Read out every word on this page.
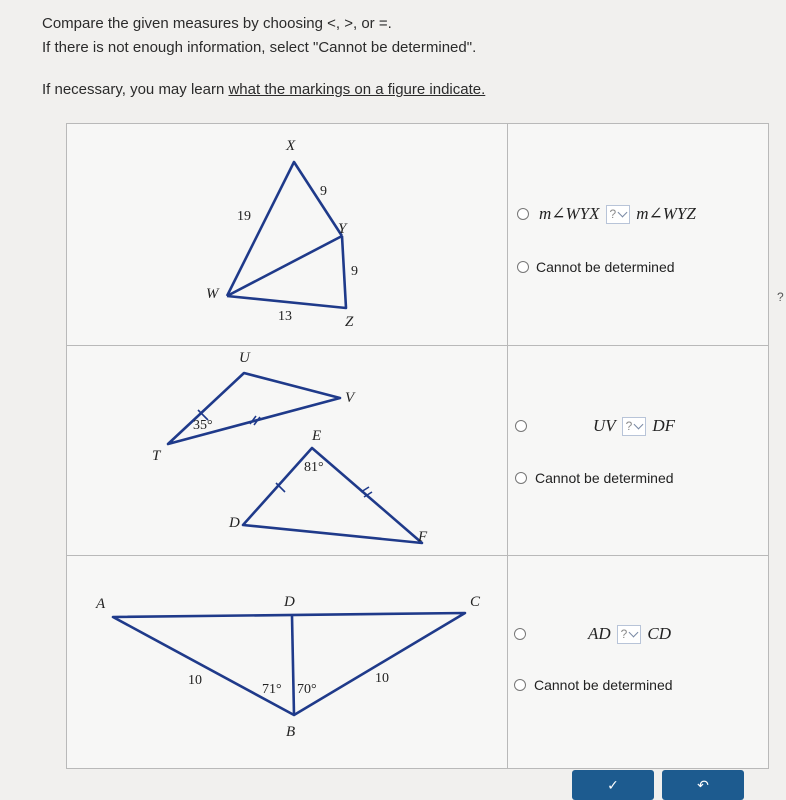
Compare the given measures by choosing <, >, or =.
If there is not enough information, select "Cannot be determined".
If necessary, you may learn what the markings on a figure indicate.
X
Y
W
Z
9
19
9
13
U
V
T
E
D
F
35°
81°
A	D	C
B
10	10
71° 70°
m∠WYX ? m∠WYZ
Cannot be determined
UV ? DF
Cannot be determined
AD ? CD
Cannot be determined
✓	↶
?
